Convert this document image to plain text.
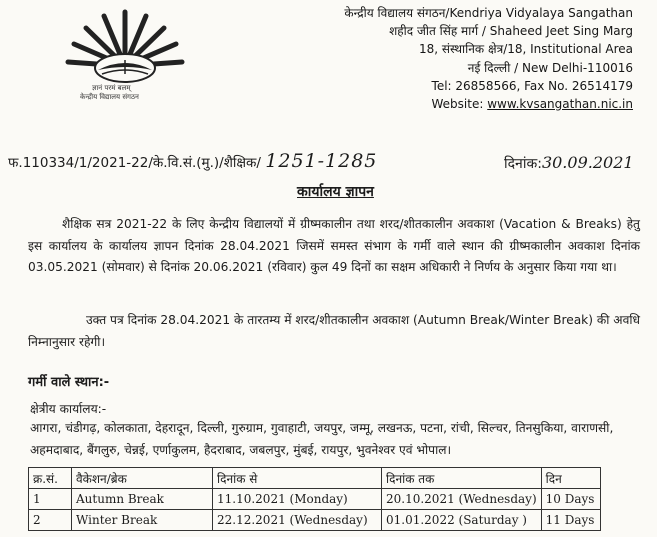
ज्ञानं परमं बलम्
केन्द्रीय विद्यालय संगठन
केन्द्रीय विद्यालय संगठन/Kendriya Vidyalaya Sangathan
शहीद जीत सिंह मार्ग / Shaheed Jeet Sing Marg
18, संस्थानिक क्षेत्र/18, Institutional Area
नई दिल्ली / New Delhi-110016
Tel: 26858566, Fax No. 26514179
Website: www.kvsangathan.nic.in
फ.110334/1/2021-22/के.वि.सं.(मु.)/शैक्षिक/ 1251-1285	दिनांक:30.09.2021
कार्यालय ज्ञापन
शैक्षिक सत्र 2021-22 के लिए केन्द्रीय विद्यालयों में ग्रीष्मकालीन तथा शरद/शीतकालीन अवकाश (Vacation & Breaks) हेतु इस कार्यालय के कार्यालय ज्ञापन दिनांक 28.04.2021 जिसमें समस्त संभाग के गर्मी वाले स्थान की ग्रीष्मकालीन अवकाश दिनांक 03.05.2021 (सोमवार) से दिनांक 20.06.2021 (रविवार) कुल 49 दिनों का सक्षम अधिकारी ने निर्णय के अनुसार किया गया था।
उक्त पत्र दिनांक 28.04.2021 के तारतम्य में शरद/शीतकालीन अवकाश (Autumn Break/Winter Break) की अवधि निम्नानुसार रहेगी।
गर्मी वाले स्थान:-
क्षेत्रीय कार्यालय:-
आगरा, चंडीगढ़, कोलकाता, देहरादून, दिल्ली, गुरुग्राम, गुवाहाटी, जयपुर, जम्मू, लखनऊ, पटना, रांची, सिल्चर, तिनसुकिया, वाराणसी, अहमदाबाद, बैंगलुरु, चेन्नई, एर्णाकुलम, हैदराबाद, जबलपुर, मुंबई, रायपुर, भुवनेश्वर एवं भोपाल।
क्र.सं.	वैकेशन/ब्रेक	दिनांक से	दिनांक तक	दिन
1	Autumn Break	11.10.2021 (Monday)	20.10.2021 (Wednesday)	10 Days
2	Winter Break	22.12.2021 (Wednesday)	01.01.2022 (Saturday )	11 Days
